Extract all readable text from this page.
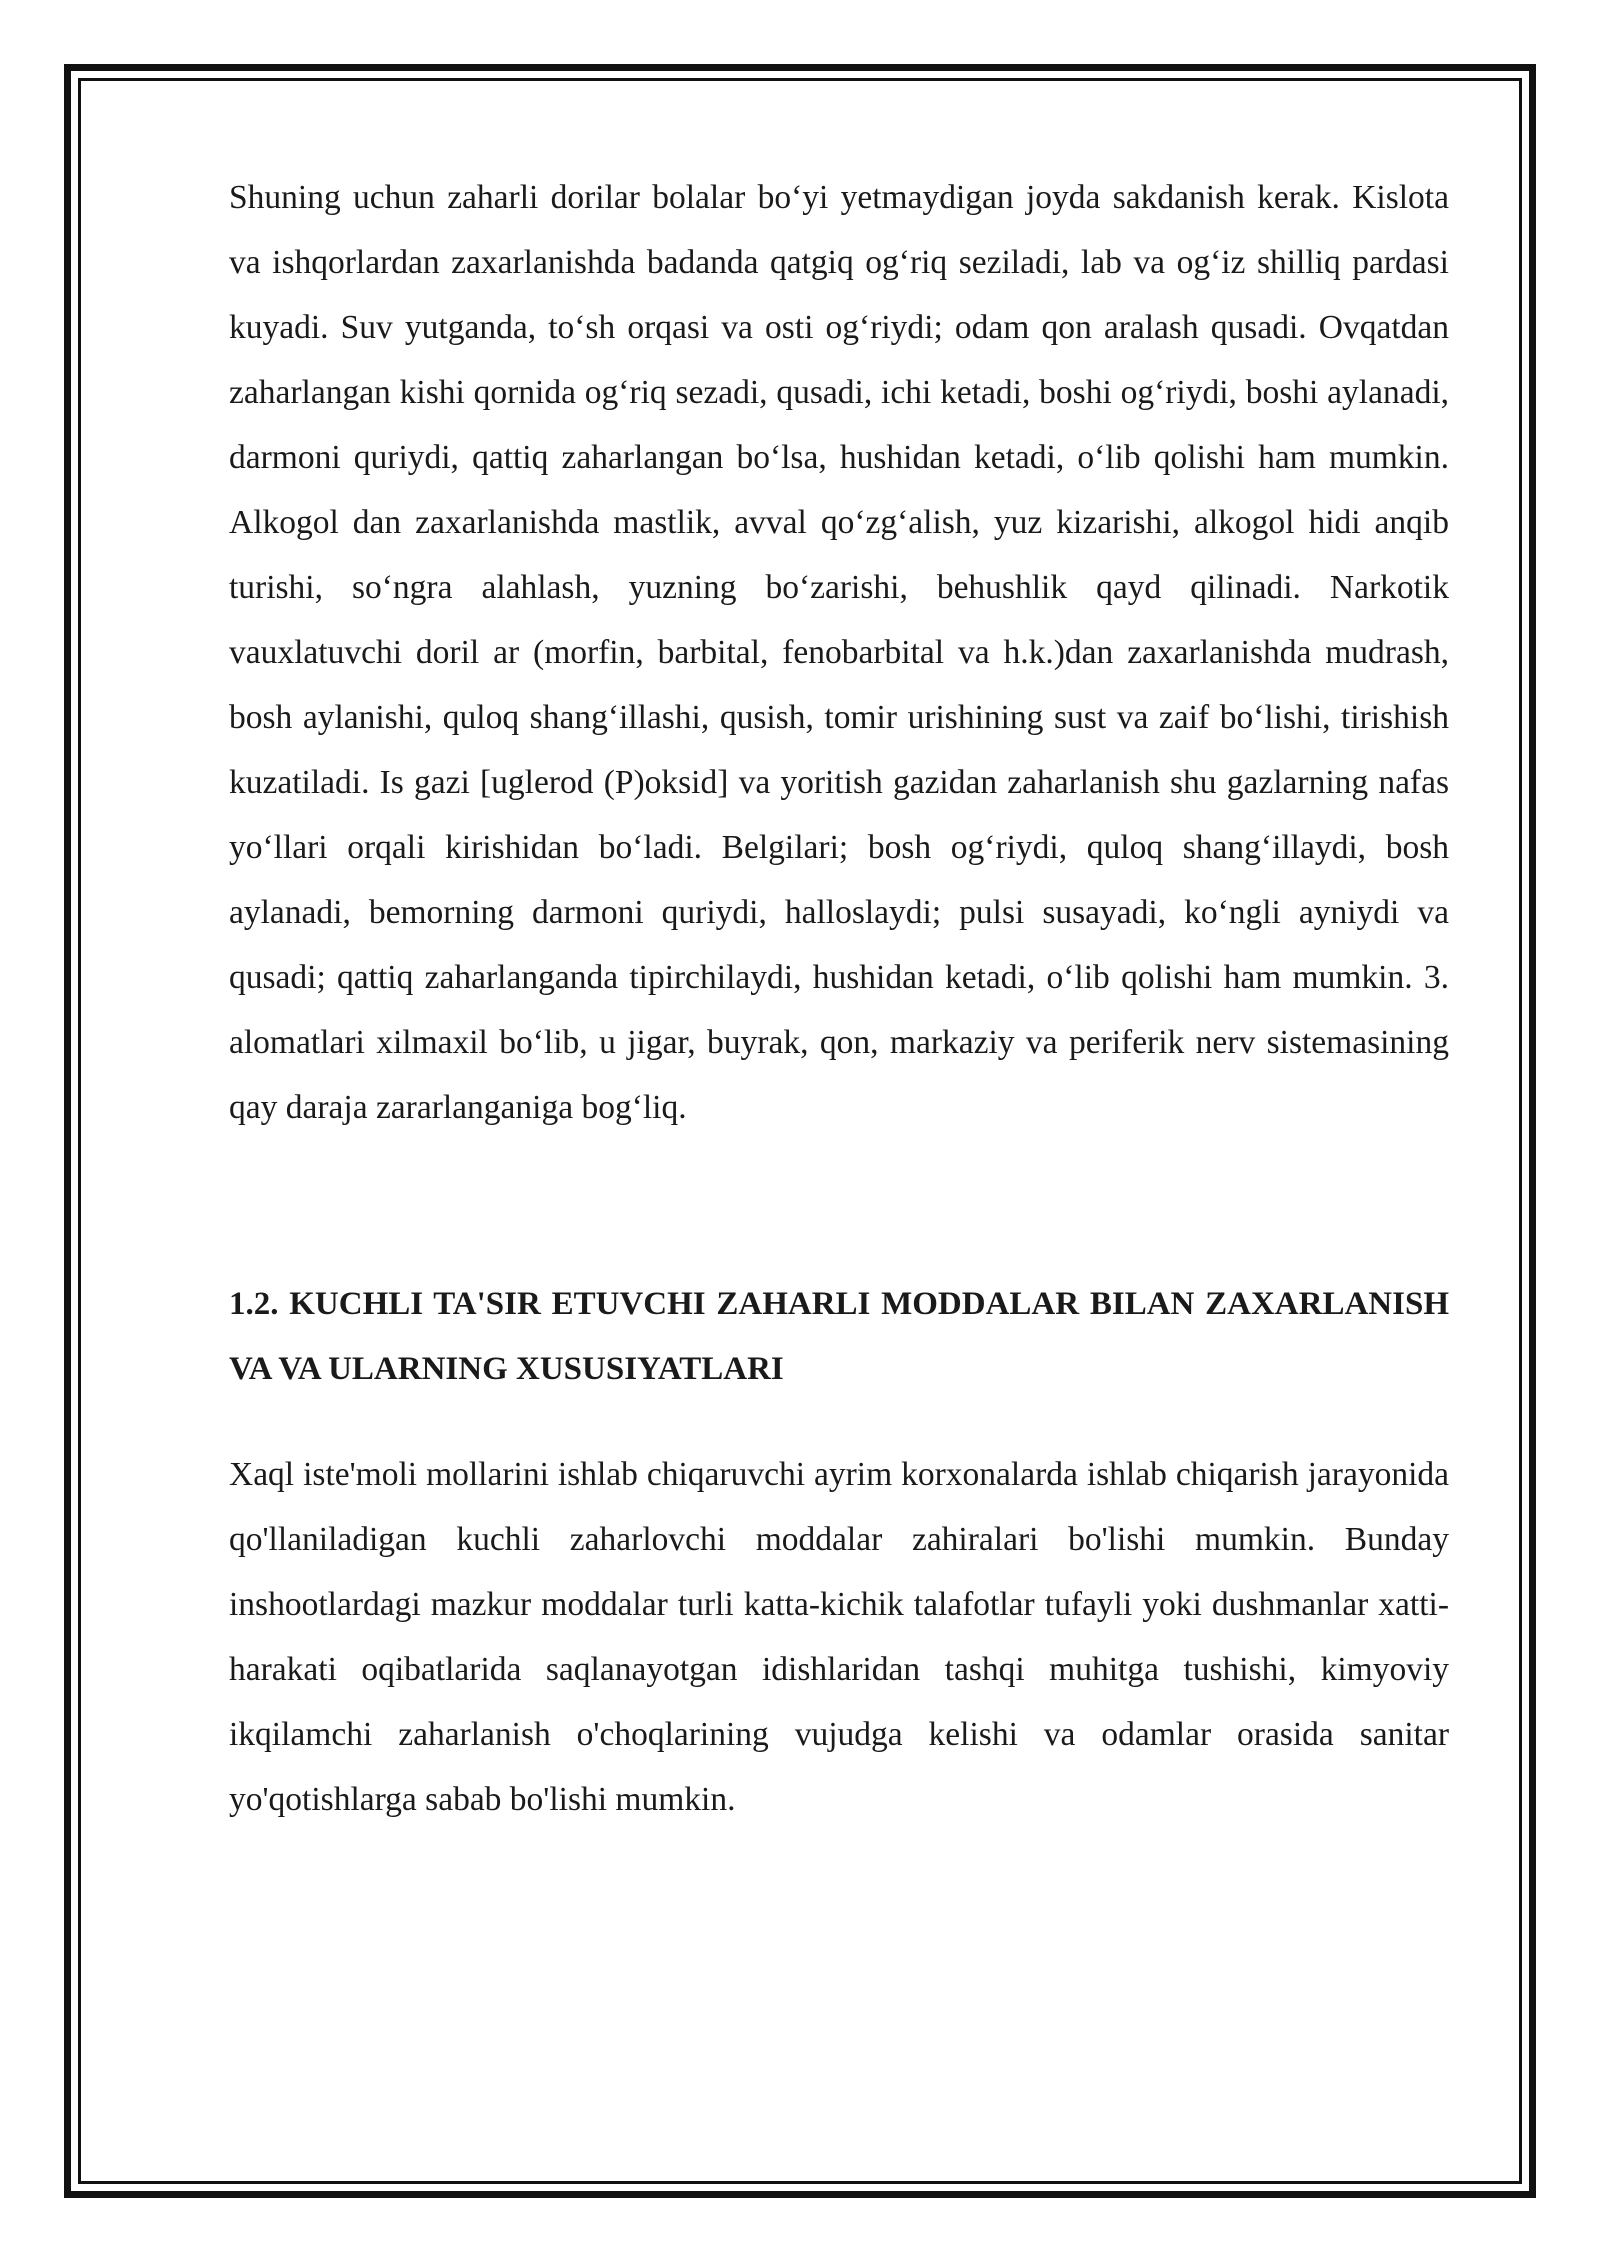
Shuning uchun zaharli dorilar bolalar bo‘yi yetmaydigan joyda sakdanish kerak. Kislota va ishqorlardan zaxarlanishda badanda qatgiq og‘riq seziladi, lab va og‘iz shilliq pardasi kuyadi. Suv yutganda, to‘sh orqasi va osti og‘riydi; odam qon aralash qusadi. Ovqatdan zaharlangan kishi qornida og‘riq sezadi, qusadi, ichi ketadi, boshi og‘riydi, boshi aylanadi, darmoni quriydi, qattiq zaharlangan bo‘lsa, hushidan ketadi, o‘lib qolishi ham mumkin. Alkogol dan zaxarlanishda mastlik, avval qo‘zg‘alish, yuz kizarishi, alkogol hidi anqib turishi, so‘ngra alahlash, yuzning bo‘zarishi, behushlik qayd qilinadi. Narkotik vauxlatuvchi doril ar (morfin, barbital, fenobarbital va h.k.)dan zaxarlanishda mudrash, bosh aylanishi, quloq shang‘illashi, qusish, tomir urishining sust va zaif bo‘lishi, tirishish kuzatiladi. Is gazi [uglerod (P)oksid] va yoritish gazidan zaharlanish shu gazlarning nafas yo‘llari orqali kirishidan bo‘ladi. Belgilari; bosh og‘riydi, quloq shang‘illaydi, bosh aylanadi, bemorning darmoni quriydi, halloslaydi; pulsi susayadi, ko‘ngli ayniydi va qusadi; qattiq zaharlanganda tipirchilaydi, hushidan ketadi, o‘lib qolishi ham mumkin. 3. alomatlari xilmaxil bo‘lib, u jigar, buyrak, qon, markaziy va periferik nerv sistemasining qay daraja zararlanganiga bog‘liq.

1.2. KUCHLI TA'SIR ETUVCHI ZAHARLI MODDALAR BILAN ZAXARLANISH VA VA ULARNING XUSUSIYATLARI

Xaql iste'moli mollarini ishlab chiqaruvchi ayrim korxonalarda ishlab chiqarish jarayonida qo'llaniladigan kuchli zaharlovchi moddalar zahiralari bo'lishi mumkin. Bunday inshootlardagi mazkur moddalar turli katta-kichik talafotlar tufayli yoki dushmanlar xatti-harakati oqibatlarida saqlanayotgan idishlaridan tashqi muhitga tushishi, kimyoviy ikqilamchi zaharlanish o'choqlarining vujudga kelishi va odamlar orasida sanitar yo'qotishlarga sabab bo'lishi mumkin.
